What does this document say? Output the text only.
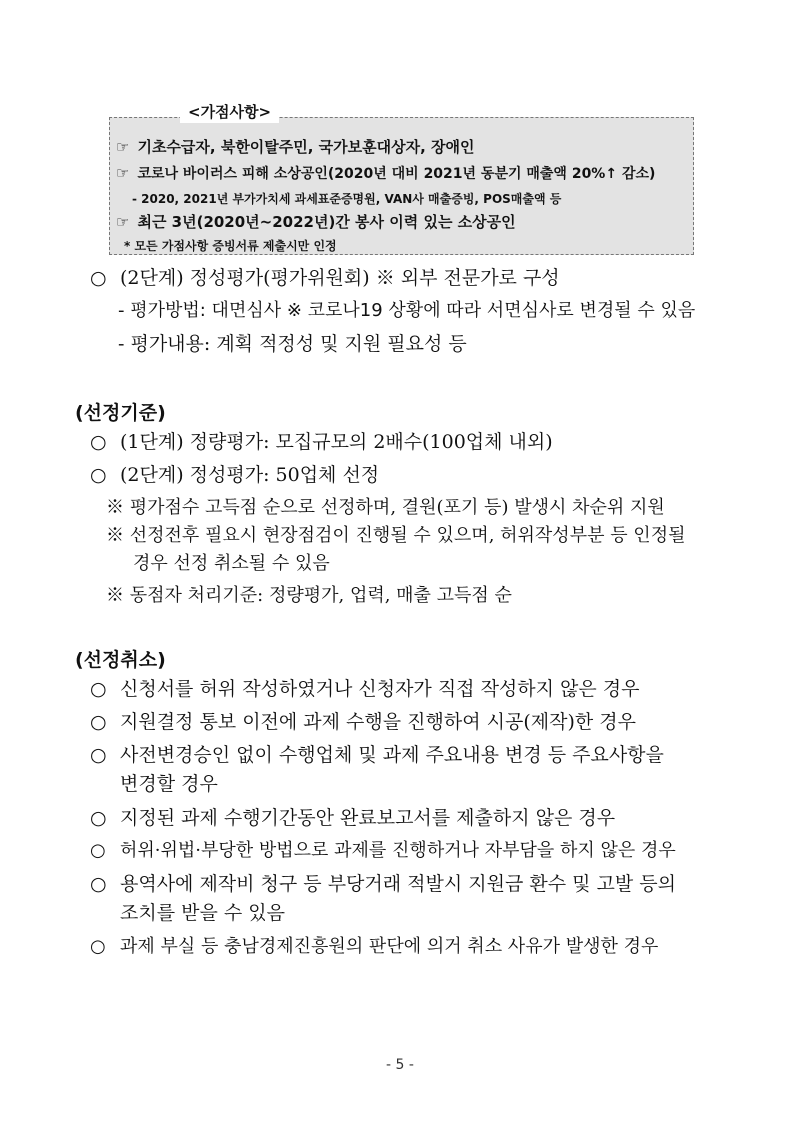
☞ 기초수급자, 북한이탈주민, 국가보훈대상자, 장애인
☞ 코로나 바이러스 피해 소상공인(2020년 대비 2021년 동분기 매출액 20%↑ 감소)
- 2020, 2021년 부가가치세 과세표준증명원, VAN사 매출증빙, POS매출액 등
☞ 최근 3년(2020년~2022년)간 봉사 이력 있는 소상공인
* 모든 가점사항 증빙서류 제출시만 인정
<가점사항>
○ (2단계) 정성평가(평가위원회) ※ 외부 전문가로 구성
- 평가방법: 대면심사 ※ 코로나19 상황에 따라 서면심사로 변경될 수 있음
- 평가내용: 계획 적정성 및 지원 필요성 등
(선정기준)
○ (1단계) 정량평가: 모집규모의 2배수(100업체 내외)
○ (2단계) 정성평가: 50업체 선정
※ 평가점수 고득점 순으로 선정하며, 결원(포기 등) 발생시 차순위 지원
※ 선정전후 필요시 현장점검이 진행될 수 있으며, 허위작성부분 등 인정될
경우 선정 취소될 수 있음
※ 동점자 처리기준: 정량평가, 업력, 매출 고득점 순
(선정취소)
○ 신청서를 허위 작성하였거나 신청자가 직접 작성하지 않은 경우
○ 지원결정 통보 이전에 과제 수행을 진행하여 시공(제작)한 경우
○ 사전변경승인 없이 수행업체 및 과제 주요내용 변경 등 주요사항을
변경할 경우
○ 지정된 과제 수행기간동안 완료보고서를 제출하지 않은 경우
○ 허위·위법·부당한 방법으로 과제를 진행하거나 자부담을 하지 않은 경우
○ 용역사에 제작비 청구 등 부당거래 적발시 지원금 환수 및 고발 등의
조치를 받을 수 있음
○ 과제 부실 등 충남경제진흥원의 판단에 의거 취소 사유가 발생한 경우
- 5 -
